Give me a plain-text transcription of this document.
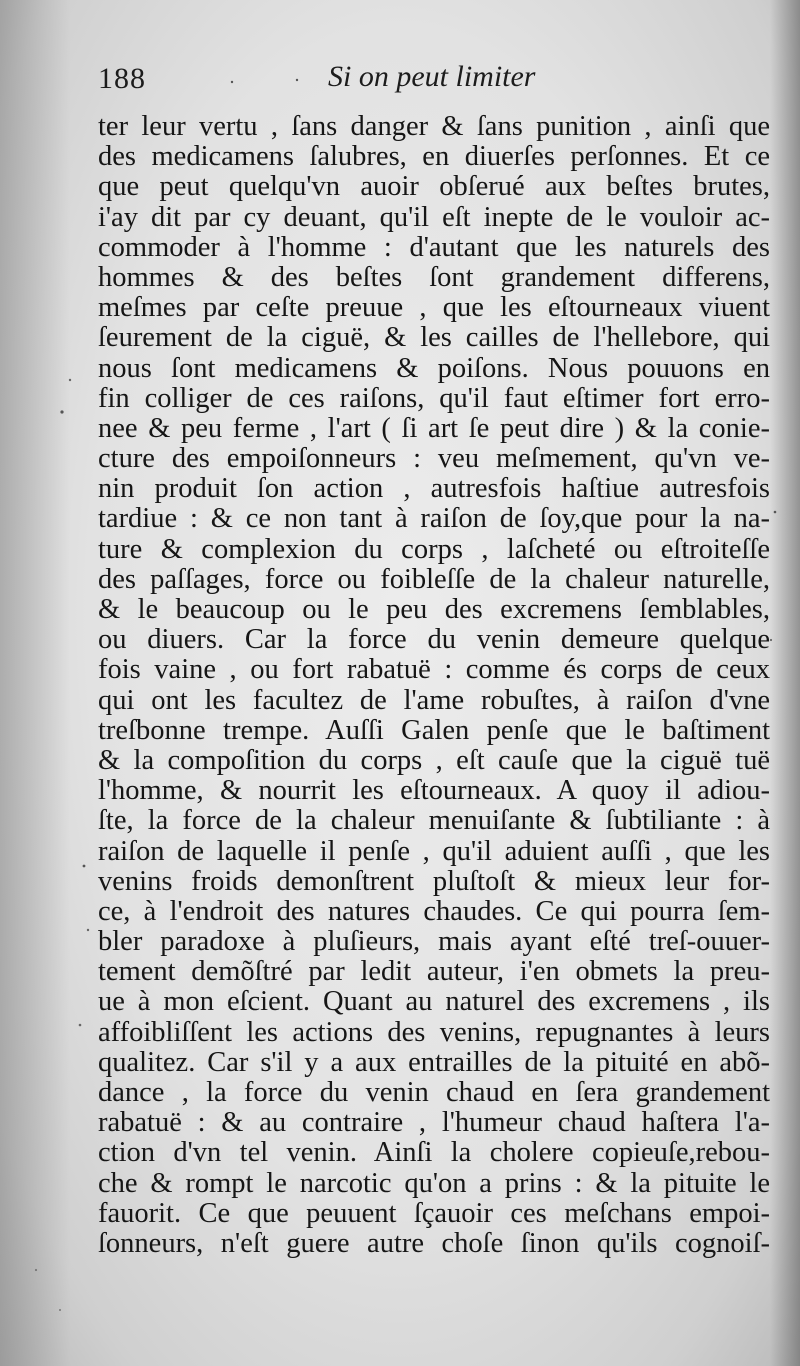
188	Si on peut limiter
ter leur vertu , ſans danger & ſans punition , ainſi que
des medicamens ſalubres, en diuerſes perſonnes. Et ce
que peut quelqu'vn auoir obſerué aux beſtes brutes,
i'ay dit par cy deuant, qu'il eſt inepte de le vouloir ac-
commoder à l'homme : d'autant que les naturels des
hommes & des beſtes ſont grandement differens,
meſmes par ceſte preuue , que les eſtourneaux viuent
ſeurement de la ciguë, & les cailles de l'hellebore, qui
nous ſont medicamens & poiſons. Nous pouuons en
fin colliger de ces raiſons, qu'il faut eſtimer fort erro-
nee & peu ferme , l'art ( ſi art ſe peut dire ) & la conie-
cture des empoiſonneurs : veu meſmement, qu'vn ve-
nin produit ſon action , autresfois haſtiue autresfois
tardiue : & ce non tant à raiſon de ſoy,que pour la na-
ture & complexion du corps , laſcheté ou eſtroiteſſe
des paſſages, force ou foibleſſe de la chaleur naturelle,
& le beaucoup ou le peu des excremens ſemblables,
ou diuers. Car la force du venin demeure quelque
fois vaine , ou fort rabatuë : comme és corps de ceux
qui ont les facultez de l'ame robuſtes, à raiſon d'vne
treſbonne trempe. Auſſi Galen penſe que le baſtiment
& la compoſition du corps , eſt cauſe que la ciguë tuë
l'homme, & nourrit les eſtourneaux. A quoy il adiou-
ſte, la force de la chaleur menuiſante & ſubtiliante : à
raiſon de laquelle il penſe , qu'il aduient auſſi , que les
venins froids demonſtrent pluſtoſt & mieux leur for-
ce, à l'endroit des natures chaudes. Ce qui pourra ſem-
bler paradoxe à pluſieurs, mais ayant eſté treſ-ouuer-
tement demõſtré par ledit auteur, i'en obmets la preu-
ue à mon eſcient. Quant au naturel des excremens , ils
affoibliſſent les actions des venins, repugnantes à leurs
qualitez. Car s'il y a aux entrailles de la pituité en abõ-
dance , la force du venin chaud en ſera grandement
rabatuë : & au contraire , l'humeur chaud haſtera l'a-
ction d'vn tel venin. Ainſi la cholere copieuſe,rebou-
che & rompt le narcotic qu'on a prins : & la pituite le
fauorit. Ce que peuuent ſçauoir ces meſchans empoi-
ſonneurs, n'eſt guere autre choſe ſinon qu'ils cognoiſ-
